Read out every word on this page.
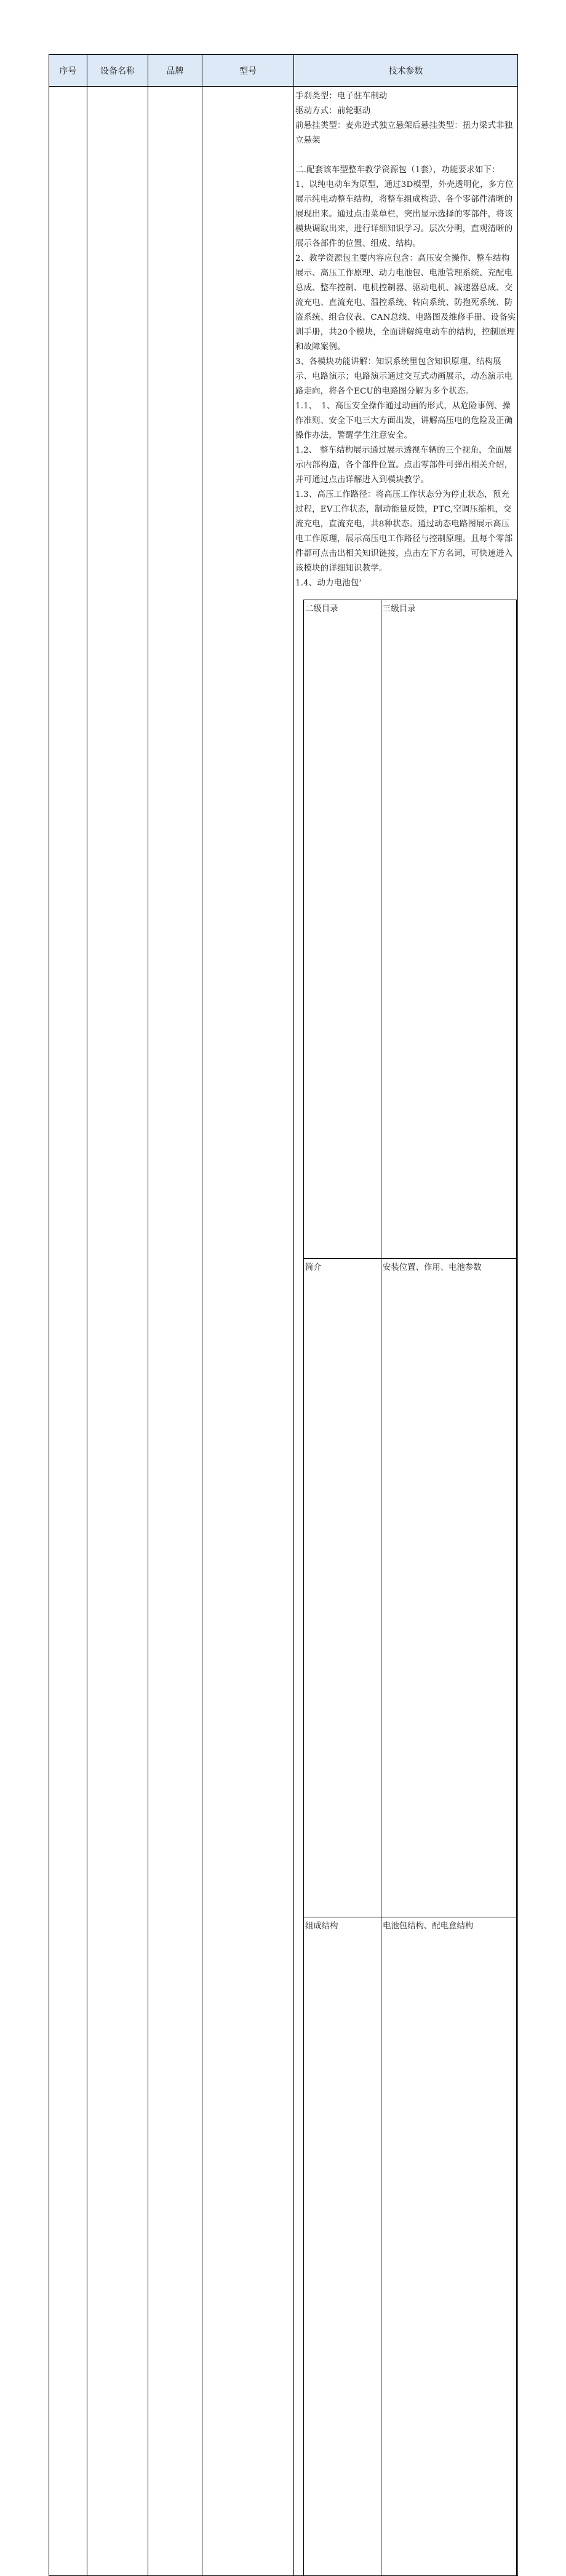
序号	设备名称	品牌	型号	技术参数

手刹类型：电子驻车制动

驱动方式：前轮驱动

前悬挂类型：麦弗逊式独立悬架后悬挂类型：扭力梁式非独立悬架

二.配套该车型整车教学资源包（1套），功能要求如下：

1、以纯电动车为原型，通过3D模型，外壳透明化，多方位展示纯电动整车结构，将整车组成构造、各个零部件清晰的展现出来。通过点击菜单栏，突出显示选择的零部件，将该模块调取出来，进行详细知识学习。层次分明，直观清晰的展示各部件的位置、组成、结构。

2、教学资源包主要内容应包含：高压安全操作、整车结构展示、高压工作原理、动力电池包、电池管理系统、充配电总成、整车控制、电机控制器、驱动电机、减速器总成、交流充电、直流充电、温控系统、转向系统、防抱死系统、防盗系统、组合仪表、CAN总线、电路图及维修手册、设备实训手册，共20个模块，全面讲解纯电动车的结构，控制原理和故障案例。

3、各模块功能讲解：知识系统里包含知识原理、结构展示、电路演示；电路演示通过交互式动画展示，动态演示电路走向，将各个ECU的电路图分解为多个状态。

1.1、　1、高压安全操作通过动画的形式，从危险事例、操作准则、安全下电三大方面出发，讲解高压电的危险及正确操作办法，警醒学生注意安全。

1.2、 整车结构展示通过展示透视车辆的三个视角，全面展示内部构造，各个部件位置。点击零部件可弹出相关介绍，并可通过点击详解进入到模块教学。

1.3、高压工作路径：将高压工作状态分为停止状态，预充过程，EV工作状态，制动能量反馈，PTC,空调压缩机，交流充电，直流充电，共8种状态。通过动态电路图展示高压电工作原理，展示高压电工作路径与控制原理。且每个零部件都可点击出相关知识链接，点击左下方名词，可快速进入该模块的详细知识教学。

1.4、动力电池包’

二级目录	三级目录
简介	安装位置、作用、电池参数
组成结构	电池包结构、配电盒结构
